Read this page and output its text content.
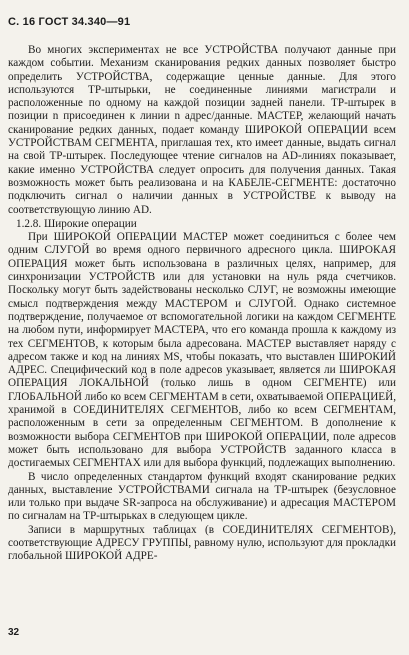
С. 16 ГОСТ 34.340—91

Во многих экспериментах не все УСТРОЙСТВА получают данные при каждом событии. Механизм сканирования редких данных позволяет быстро определить УСТРОЙСТВА, содержащие ценные данные. Для этого используются ТР-штырьки, не соединенные линиями магистрали и расположенные по одному на каждой позиции задней панели. ТР-штырек в позиции n присоединен к линии n адрес/данные. МАСТЕР, желающий начать сканирование редких данных, подает команду ШИРОКОЙ ОПЕРАЦИИ всем УСТРОЙСТВАМ СЕГМЕНТА, приглашая тех, кто имеет данные, выдать сигнал на свой ТР-штырек. Последующее чтение сигналов на AD-линиях показывает, какие именно УСТРОЙСТВА следует опросить для получения данных. Такая возможность может быть реализована и на КАБЕЛЕ-СЕГМЕНТЕ: достаточно подключить сигнал о наличии данных в УСТРОЙСТВЕ к выводу на соответствующую линию AD.

1.2.8. Широкие операции

При ШИРОКОЙ ОПЕРАЦИИ МАСТЕР может соединиться с более чем одним СЛУГОЙ во время одного первичного адресного цикла. ШИРОКАЯ ОПЕРАЦИЯ может быть использована в различных целях, например, для синхронизации УСТРОЙСТВ или для установки на нуль ряда счетчиков. Поскольку могут быть задействованы несколько СЛУГ, не возможны имеющие смысл подтверждения между МАСТЕРОМ и СЛУГОЙ. Однако системное подтверждение, получаемое от вспомогательной логики на каждом СЕГМЕНТЕ на любом пути, информирует МАСТЕРА, что его команда прошла к каждому из тех СЕГМЕНТОВ, к которым была адресована. МАСТЕР выставляет наряду с адресом также и код на линиях MS, чтобы показать, что выставлен ШИРОКИЙ АДРЕС. Специфический код в поле адресов указывает, является ли ШИРОКАЯ ОПЕРАЦИЯ ЛОКАЛЬНОЙ (только лишь в одном СЕГМЕНТЕ) или ГЛОБАЛЬНОЙ либо ко всем СЕГМЕНТАМ в сети, охватываемой ОПЕРАЦИЕЙ, хранимой в СОЕДИНИТЕЛЯХ СЕГМЕНТОВ, либо ко всем СЕГМЕНТАМ, расположенным в сети за определенным СЕГМЕНТОМ. В дополнение к возможности выбора СЕГМЕНТОВ при ШИРОКОЙ ОПЕРАЦИИ, поле адресов может быть использовано для выбора УСТРОЙСТВ заданного класса в достигаемых СЕГМЕНТАХ или для выбора функций, подлежащих выполнению.

В число определенных стандартом функций входят сканирование редких данных, выставление УСТРОЙСТВАМИ сигнала на ТР-штырек (безусловное или только при выдаче SR-запроса на обслуживание) и адресация МАСТЕРОМ по сигналам на ТР-штырьках в следующем цикле.

Записи в маршрутных таблицах (в СОЕДИНИТЕЛЯХ СЕГМЕНТОВ), соответствующие АДРЕСУ ГРУППЫ, равному нулю, используют для прокладки глобальной ШИРОКОЙ АДРЕ-

32
